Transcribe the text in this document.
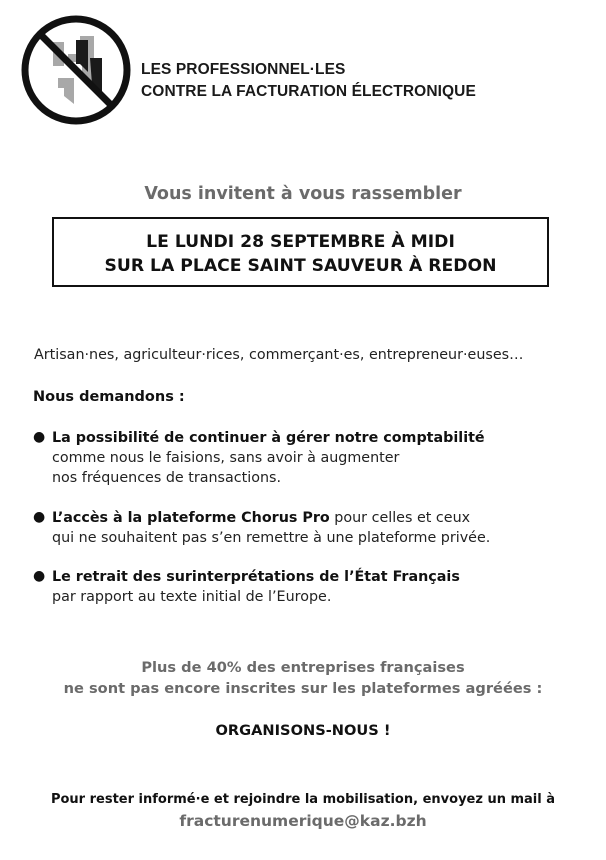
LES PROFESSIONNEL·LES
CONTRE LA FACTURATION ÉLECTRONIQUE
Vous invitent à vous rassembler
LE LUNDI 28 SEPTEMBRE À MIDI
SUR LA PLACE SAINT SAUVEUR À REDON
Artisan·nes, agriculteur·rices, commerçant·es, entrepreneur·euses…
Nous demandons :
● La possibilité de continuer à gérer notre comptabilité
comme nous le faisions, sans avoir à augmenter
nos fréquences de transactions.
● L’accès à la plateforme Chorus Pro pour celles et ceux
qui ne souhaitent pas s’en remettre à une plateforme privée.
● Le retrait des surinterprétations de l’État Français
par rapport au texte initial de l’Europe.
Plus de 40% des entreprises françaises
ne sont pas encore inscrites sur les plateformes agréées :
ORGANISONS-NOUS !
Pour rester informé·e et rejoindre la mobilisation, envoyez un mail à
fracturenumerique@kaz.bzh
